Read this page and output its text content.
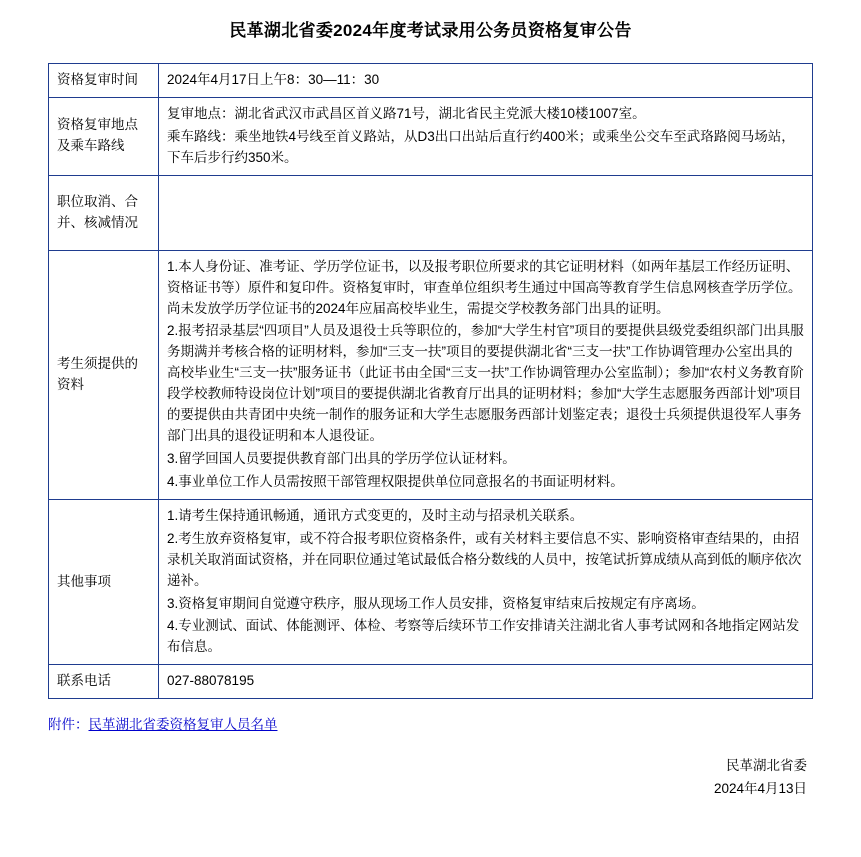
民革湖北省委2024年度考试录用公务员资格复审公告
资格复审时间	2024年4月17日上午8：30—11：30

资格复审地点及乘车路线	复审地点：湖北省武汉市武昌区首义路71号，湖北省民主党派大楼10楼1007室。

乘车路线：乘坐地铁4号线至首义路站，从D3出口出站后直行约400米；或乘坐公交车至武珞路阅马场站，下车后步行约350米。

职位取消、合并、核减情况	

考生须提供的资料	1.本人身份证、准考证、学历学位证书，以及报考职位所要求的其它证明材料（如两年基层工作经历证明、资格证书等）原件和复印件。资格复审时，审查单位组织考生通过中国高等教育学生信息网核查学历学位。尚未发放学历学位证书的2024年应届高校毕业生，需提交学校教务部门出具的证明。

2.报考招录基层“四项目”人员及退役士兵等职位的，参加“大学生村官”项目的要提供县级党委组织部门出具服务期满并考核合格的证明材料，参加“三支一扶”项目的要提供湖北省“三支一扶”工作协调管理办公室出具的高校毕业生“三支一扶”服务证书（此证书由全国“三支一扶”工作协调管理办公室监制）；参加“农村义务教育阶段学校教师特设岗位计划”项目的要提供湖北省教育厅出具的证明材料；参加“大学生志愿服务西部计划”项目的要提供由共青团中央统一制作的服务证和大学生志愿服务西部计划鉴定表；退役士兵须提供退役军人事务部门出具的退役证明和本人退役证。

3.留学回国人员要提供教育部门出具的学历学位认证材料。

4.事业单位工作人员需按照干部管理权限提供单位同意报名的书面证明材料。

其他事项	1.请考生保持通讯畅通，通讯方式变更的，及时主动与招录机关联系。

2.考生放弃资格复审，或不符合报考职位资格条件，或有关材料主要信息不实、影响资格审查结果的，由招录机关取消面试资格，并在同职位通过笔试最低合格分数线的人员中，按笔试折算成绩从高到低的顺序依次递补。

3.资格复审期间自觉遵守秩序，服从现场工作人员安排，资格复审结束后按规定有序离场。

4.专业测试、面试、体能测评、体检、考察等后续环节工作安排请关注湖北省人事考试网和各地指定网站发布信息。

联系电话	027-88078195

附件：民革湖北省委资格复审人员名单
民革湖北省委
2024年4月13日
